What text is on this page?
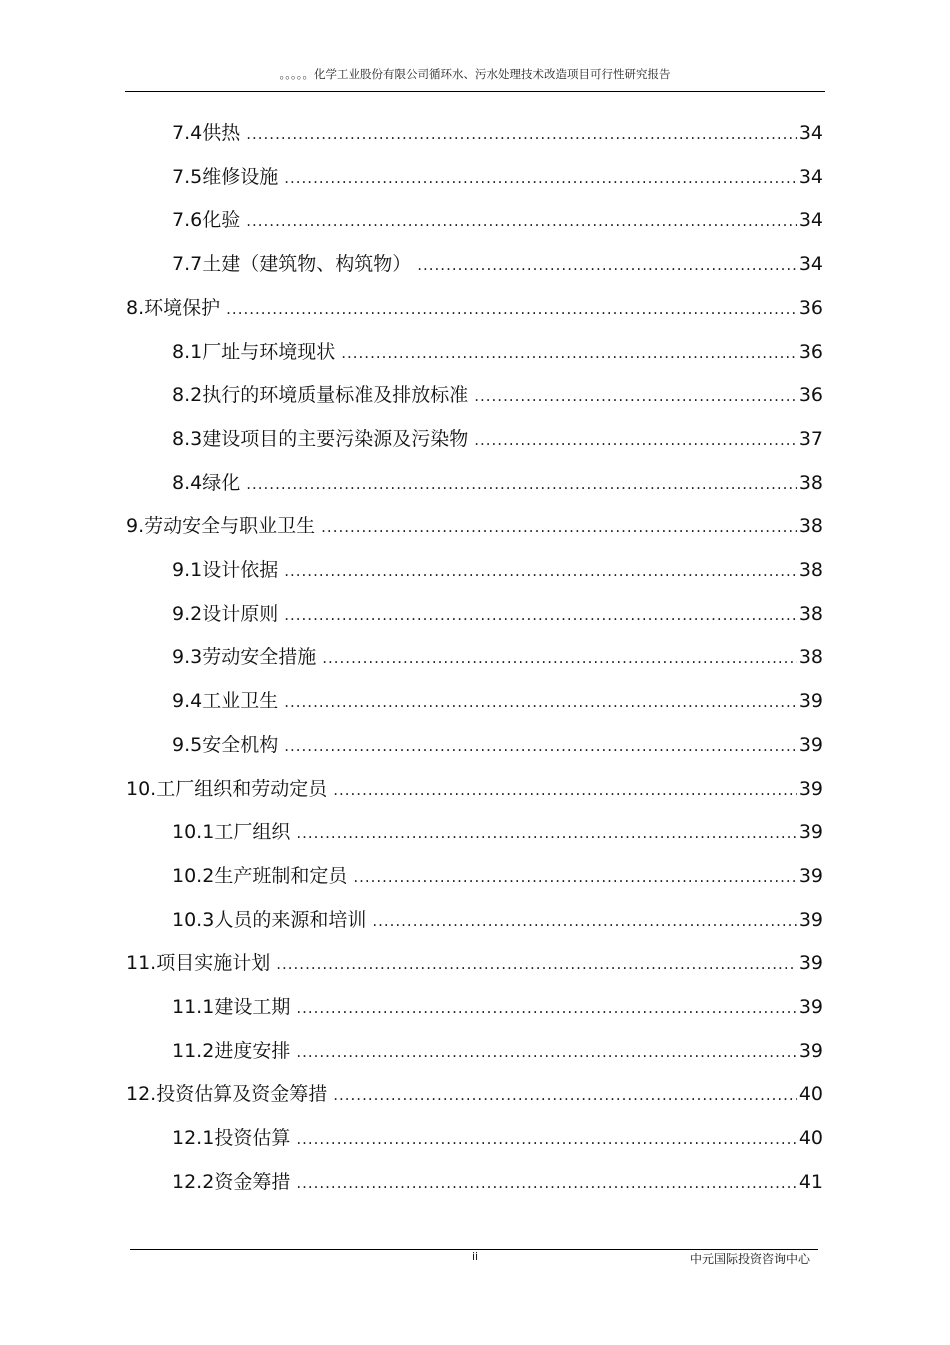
。。。。。化学工业股份有限公司循环水、污水处理技术改造项目可行性研究报告
7.4 供热 .....	34
7.5 维修设施 .....	34
7.6 化验 .....	34
7.7 土建（建筑物、构筑物） .....	34
8. 环境保护 .....	36
8.1 厂址与环境现状 .....	36
8.2 执行的环境质量标准及排放标准 .....	36
8.3 建设项目的主要污染源及污染物 .....	37
8.4 绿化 .....	38
9. 劳动安全与职业卫生 .....	38
9.1 设计依据 .....	38
9.2 设计原则 .....	38
9.3 劳动安全措施 .....	38
9.4 工业卫生 .....	39
9.5 安全机构 .....	39
10. 工厂组织和劳动定员 .....	39
10.1 工厂组织 .....	39
10.2 生产班制和定员 .....	39
10.3 人员的来源和培训 .....	39
11. 项目实施计划 .....	39
11.1 建设工期 .....	39
11.2 进度安排 .....	39
12. 投资估算及资金筹措 .....	40
12.1 投资估算 .....	40
12.2 资金筹措 .....	41
ii	中元国际投资咨询中心
